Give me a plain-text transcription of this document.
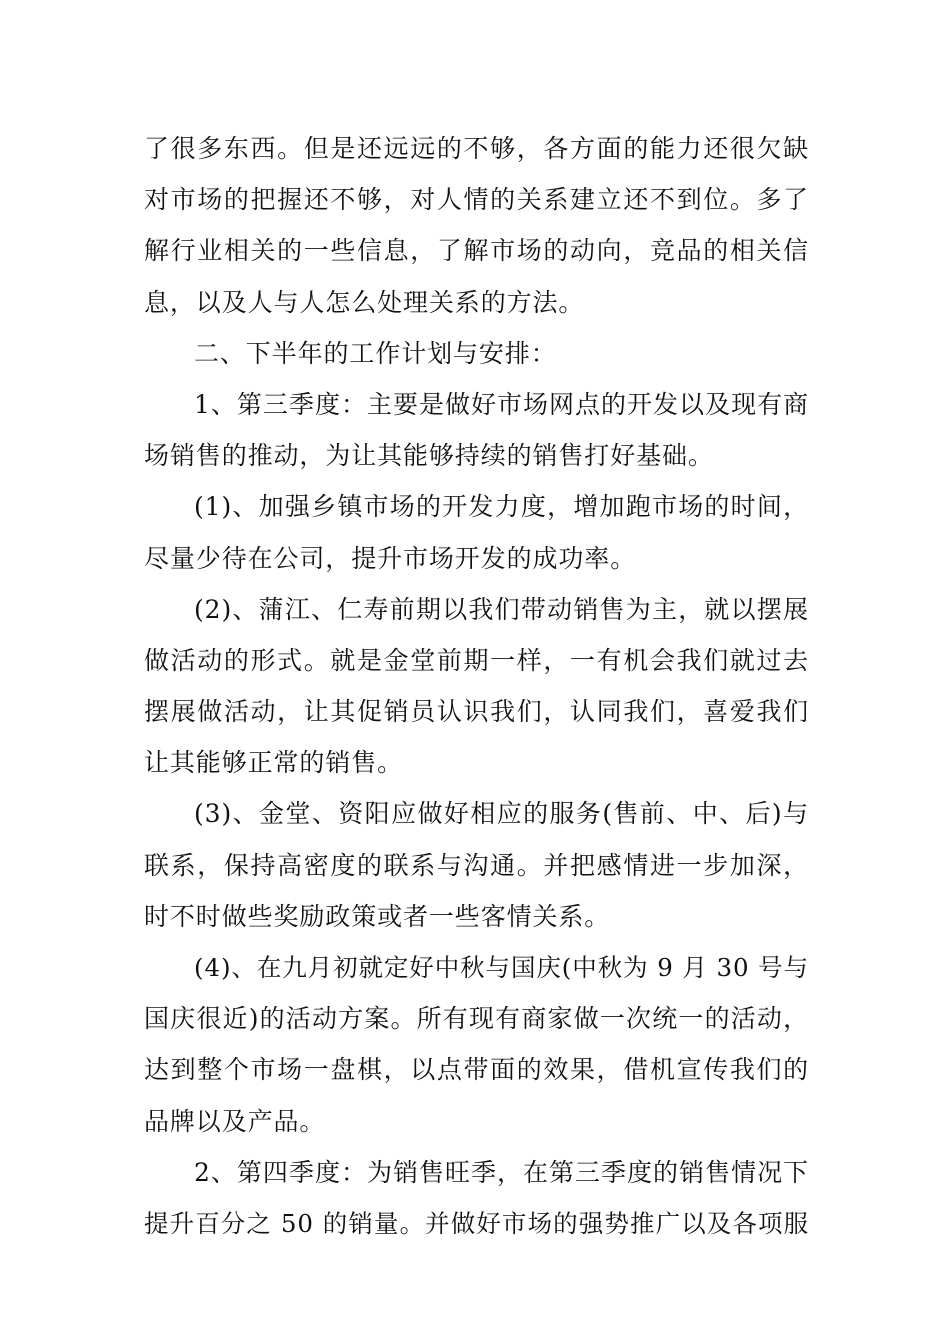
了很多东西。但是还远远的不够，各方面的能力还很欠缺
对市场的把握还不够，对人情的关系建立还不到位。多了
解行业相关的一些信息，了解市场的动向，竞品的相关信
息，以及人与人怎么处理关系的方法。
二、下半年的工作计划与安排：
1、第三季度：主要是做好市场网点的开发以及现有商
场销售的推动，为让其能够持续的销售打好基础。
(1)、加强乡镇市场的开发力度，增加跑市场的时间，
尽量少待在公司，提升市场开发的成功率。
(2)、蒲江、仁寿前期以我们带动销售为主，就以摆展
做活动的形式。就是金堂前期一样，一有机会我们就过去
摆展做活动，让其促销员认识我们，认同我们，喜爱我们
让其能够正常的销售。
(3)、金堂、资阳应做好相应的服务(售前、中、后)与
联系，保持高密度的联系与沟通。并把感情进一步加深，
时不时做些奖励政策或者一些客情关系。
(4)、在九月初就定好中秋与国庆(中秋为 9 月 30 号与
国庆很近)的活动方案。所有现有商家做一次统一的活动，
达到整个市场一盘棋，以点带面的效果，借机宣传我们的
品牌以及产品。
2、第四季度：为销售旺季，在第三季度的销售情况下
提升百分之 50 的销量。并做好市场的强势推广以及各项服
